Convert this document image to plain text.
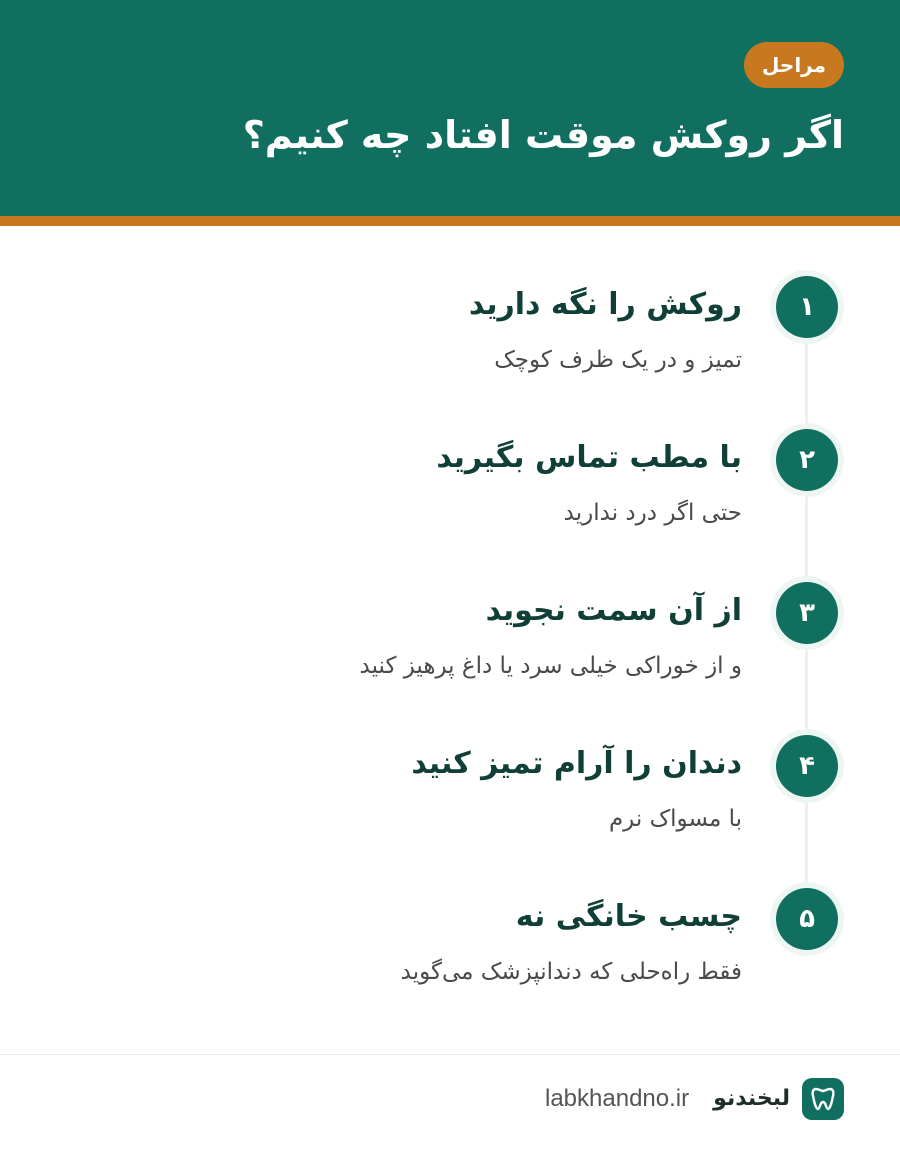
مراحل
اگر روکش موقت افتاد چه کنیم؟
۱
روکش را نگه دارید
تمیز و در یک ظرف کوچک
۲
با مطب تماس بگیرید
حتی اگر درد ندارید
۳
از آن سمت نجوید
و از خوراکی خیلی سرد یا داغ پرهیز کنید
۴
دندان را آرام تمیز کنید
با مسواک نرم
۵
چسب خانگی نه
فقط راه‌حلی که دندانپزشک می‌گوید
لبخندنو
labkhandno.ir
